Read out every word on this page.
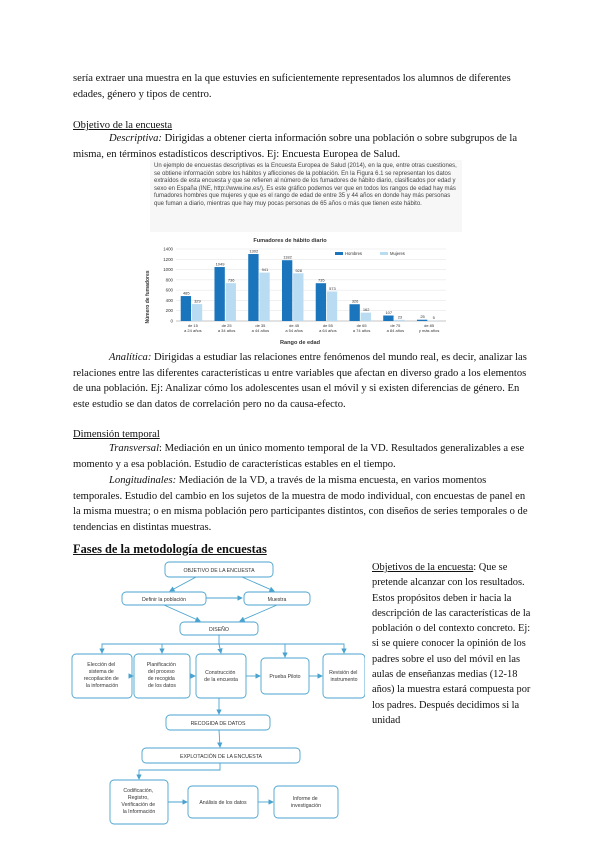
sería extraer una muestra en la que estuvies en suficientemente representados los alumnos de diferentes edades, género y tipos de centro.

Objetivo de la encuesta

Descriptiva: Dirigidas a obtener cierta información sobre una población o sobre subgrupos de la misma, en términos estadísticos descriptivos. Ej: Encuesta Europea de Salud.

Un ejemplo de encuestas descriptivas es la Encuesta Europea de Salud (2014), en la que, entre otras cuestiones, se obtiene información sobre los hábitos y aflicciones de la población. En la Figura 6.1 se representan los datos extraídos de esta encuesta y que se refieren al número de los fumadores de hábito diario, clasificados por edad y sexo en España (INE, http://www.ine.es/). Es este gráfico podemos ver que en todos los rangos de edad hay más fumadores hombres que mujeres y que es el rango de edad de entre 35 y 44 años en donde hay más personas que fuman a diario, mientras que hay muy pocas personas de 65 años o más que tienen este hábito.

Fumadores de hábito diario
Hombres	Mujeres
Número de fumadores
Rango de edad
0
200
400
600
800
1000
1200
1400
485
329
de 15
a 24 años
1049
736
de 25
a 34 años
1302
941
de 35
a 44 años
1182
928
de 45
a 54 años
735
573
de 55
a 64 años
326
162
de 65
a 74 años
107
23
de 75
a 84 años
25 5
de 85
y más años

Analítica: Dirigidas a estudiar las relaciones entre fenómenos del mundo real, es decir, analizar las relaciones entre las diferentes características u entre variables que afectan en diverso grado a los elementos de una población. Ej: Analizar cómo los adolescentes usan el móvil y si existen diferencias de género. En este estudio se dan datos de correlación pero no da causa-efecto.

Dimensión temporal

Transversal: Mediación en un único momento temporal de la VD. Resultados generalizables a ese momento y a esa población. Estudio de características estables en el tiempo.

Longitudinales: Mediación de la VD, a través de la misma encuesta, en varios momentos temporales. Estudio del cambio en los sujetos de la muestra de modo individual, con encuestas de panel en la misma muestra; o en misma población pero participantes distintos, con diseños de series temporales o de tendencias en distintas muestras.

Fases de la metodología de encuestas

OBJETIVO DE LA ENCUESTA
Definir la población	Muestra
DISEÑO
Elección del sistema de recopilación de la información
Planificación del proceso de recogida de los datos
Construcción de la encuesta	Prueba Piloto
Revisión del instrumento
RECOGIDA DE DATOS
EXPLOTACIÓN DE LA ENCUESTA
Codificación, Registro, Verificación de la Información
Análisis de los datos
Informe de investigación

Objetivos de la encuesta: Que se pretende alcanzar con los resultados. Estos propósitos deben ir hacia la descripción de las características de la población o del contexto concreto. Ej: si se quiere conocer la opinión de los padres sobre el uso del móvil en las aulas de enseñanzas medias (12-18 años) la muestra estará compuesta por los padres. Después decidimos si la unidad
